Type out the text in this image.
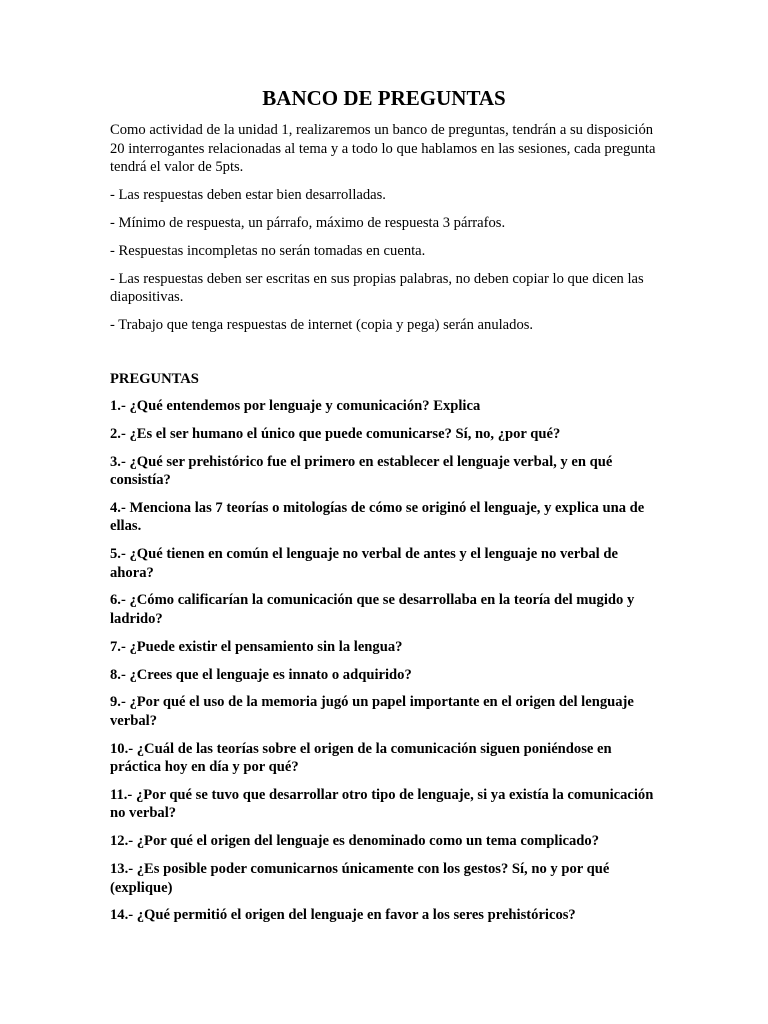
BANCO DE PREGUNTAS

Como actividad de la unidad 1, realizaremos un banco de preguntas, tendrán a su disposición 20 interrogantes relacionadas al tema y a todo lo que hablamos en las sesiones, cada pregunta tendrá el valor de 5pts.

- Las respuestas deben estar bien desarrolladas.

- Mínimo de respuesta, un párrafo, máximo de respuesta 3 párrafos.

- Respuestas incompletas no serán tomadas en cuenta.

- Las respuestas deben ser escritas en sus propias palabras, no deben copiar lo que dicen las diapositivas.

- Trabajo que tenga respuestas de internet (copia y pega) serán anulados.

PREGUNTAS

1.- ¿Qué entendemos por lenguaje y comunicación? Explica

2.- ¿Es el ser humano el único que puede comunicarse? Sí, no, ¿por qué?

3.- ¿Qué ser prehistórico fue el primero en establecer el lenguaje verbal, y en qué consistía?

4.- Menciona las 7 teorías o mitologías de cómo se originó el lenguaje, y explica una de ellas.

5.- ¿Qué tienen en común el lenguaje no verbal de antes y el lenguaje no verbal de ahora?

6.- ¿Cómo calificarían la comunicación que se desarrollaba en la teoría del mugido y ladrido?

7.- ¿Puede existir el pensamiento sin la lengua?

8.- ¿Crees que el lenguaje es innato o adquirido?

9.- ¿Por qué el uso de la memoria jugó un papel importante en el origen del lenguaje verbal?

10.- ¿Cuál de las teorías sobre el origen de la comunicación siguen poniéndose en práctica hoy en día y por qué?

11.- ¿Por qué se tuvo que desarrollar otro tipo de lenguaje, si ya existía la comunicación no verbal?

12.- ¿Por qué el origen del lenguaje es denominado como un tema complicado?

13.- ¿Es posible poder comunicarnos únicamente con los gestos? Sí, no y por qué (explique)

14.- ¿Qué permitió el origen del lenguaje en favor a los seres prehistóricos?
